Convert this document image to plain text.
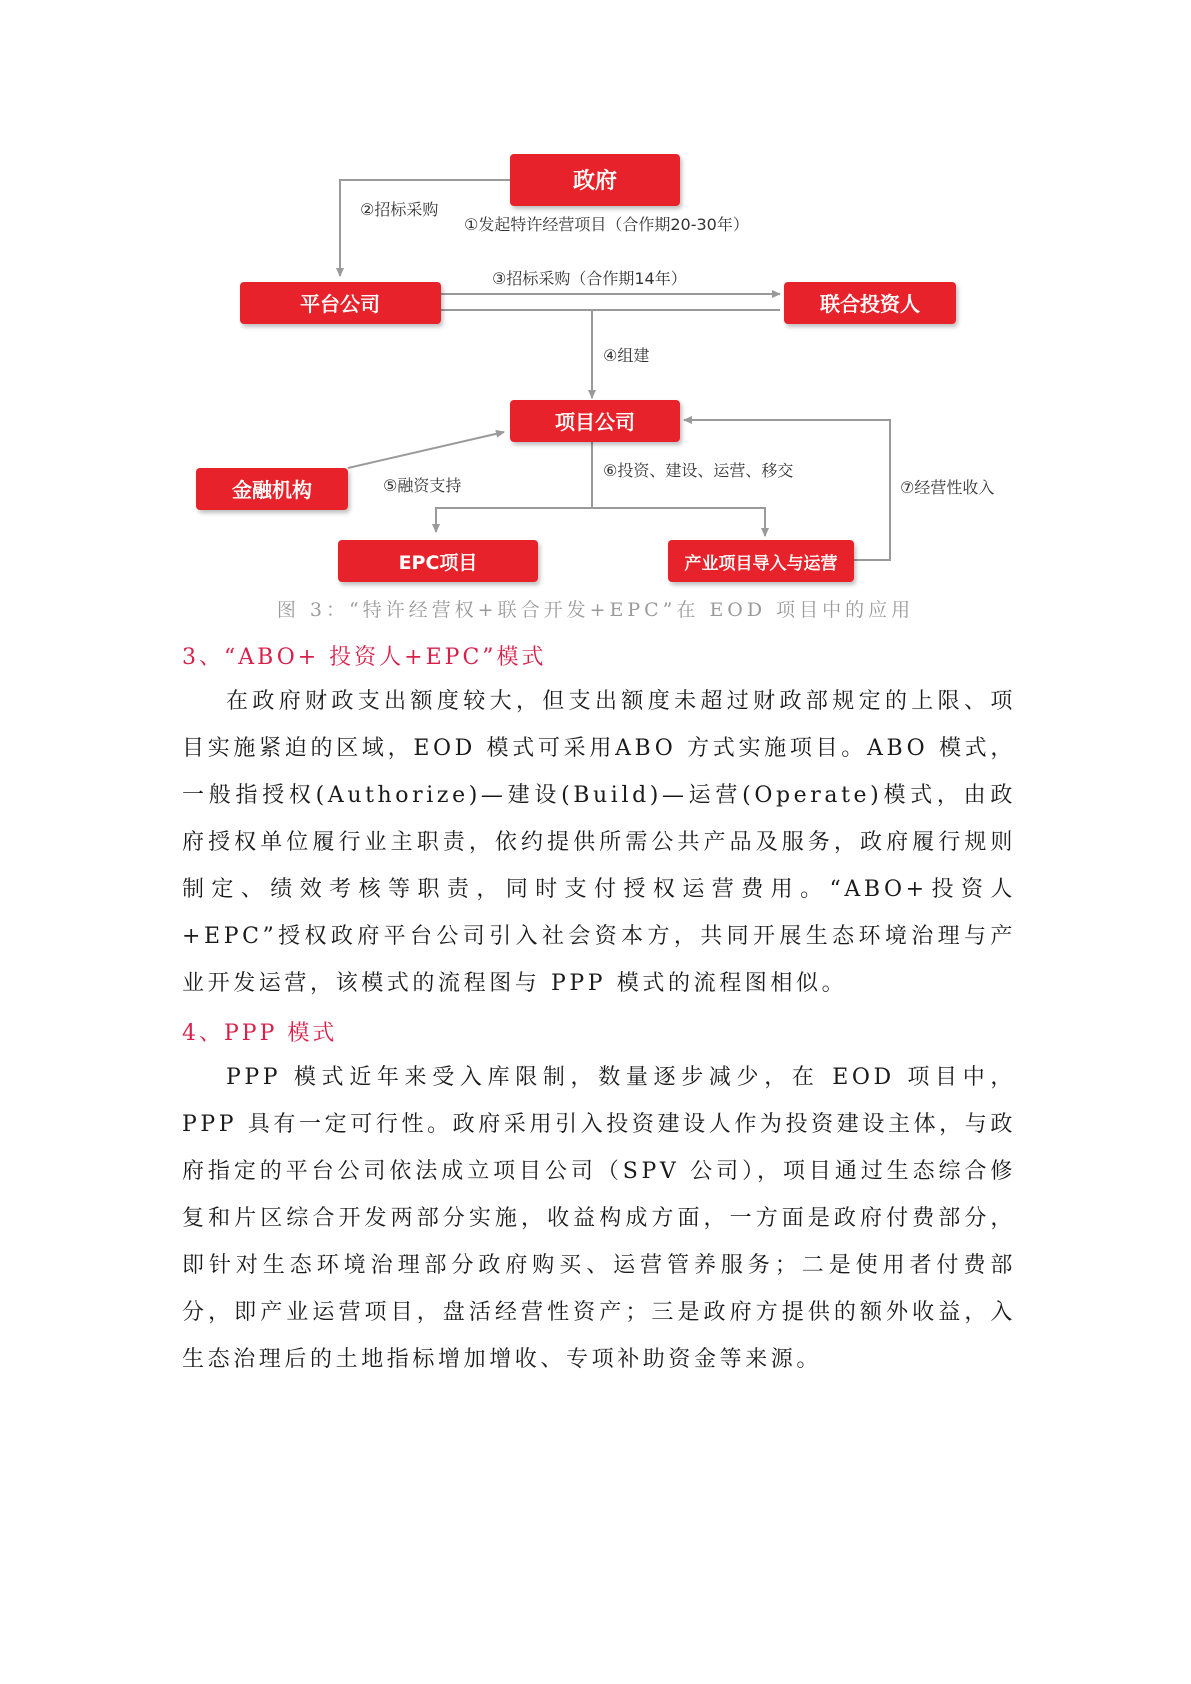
政府
平台公司	联合投资人
项目公司
金融机构
EPC项目	产业项目导入与运营
②招标采购
①发起特许经营项目（合作期20-30年）
③招标采购（合作期14年）
④组建
⑤融资支持
⑥投资、建设、运营、移交
⑦经营性收入
图 3：“特许经营权+联合开发+EPC”在 EOD 项目中的应用
3、“ABO+ 投资人+EPC”模式
在政府财政支出额度较大，但支出额度未超过财政部规定的上限、项目实施紧迫的区域，EOD 模式可采用ABO 方式实施项目。ABO 模式，一般指授权(Authorize)—建设(Build)—运营(Operate)模式，由政府授权单位履行业主职责，依约提供所需公共产品及服务，政府履行规则制定、绩效考核等职责，同时支付授权运营费用。“ABO+投资人+EPC”授权政府平台公司引入社会资本方，共同开展生态环境治理与产业开发运营，该模式的流程图与 PPP 模式的流程图相似。
4、PPP 模式
PPP 模式近年来受入库限制，数量逐步减少，在 EOD 项目中，PPP 具有一定可行性。政府采用引入投资建设人作为投资建设主体，与政府指定的平台公司依法成立项目公司（SPV 公司），项目通过生态综合修复和片区综合开发两部分实施，收益构成方面，一方面是政府付费部分，即针对生态环境治理部分政府购买、运营管养服务；二是使用者付费部分，即产业运营项目，盘活经营性资产；三是政府方提供的额外收益，入生态治理后的土地指标增加增收、专项补助资金等来源。
